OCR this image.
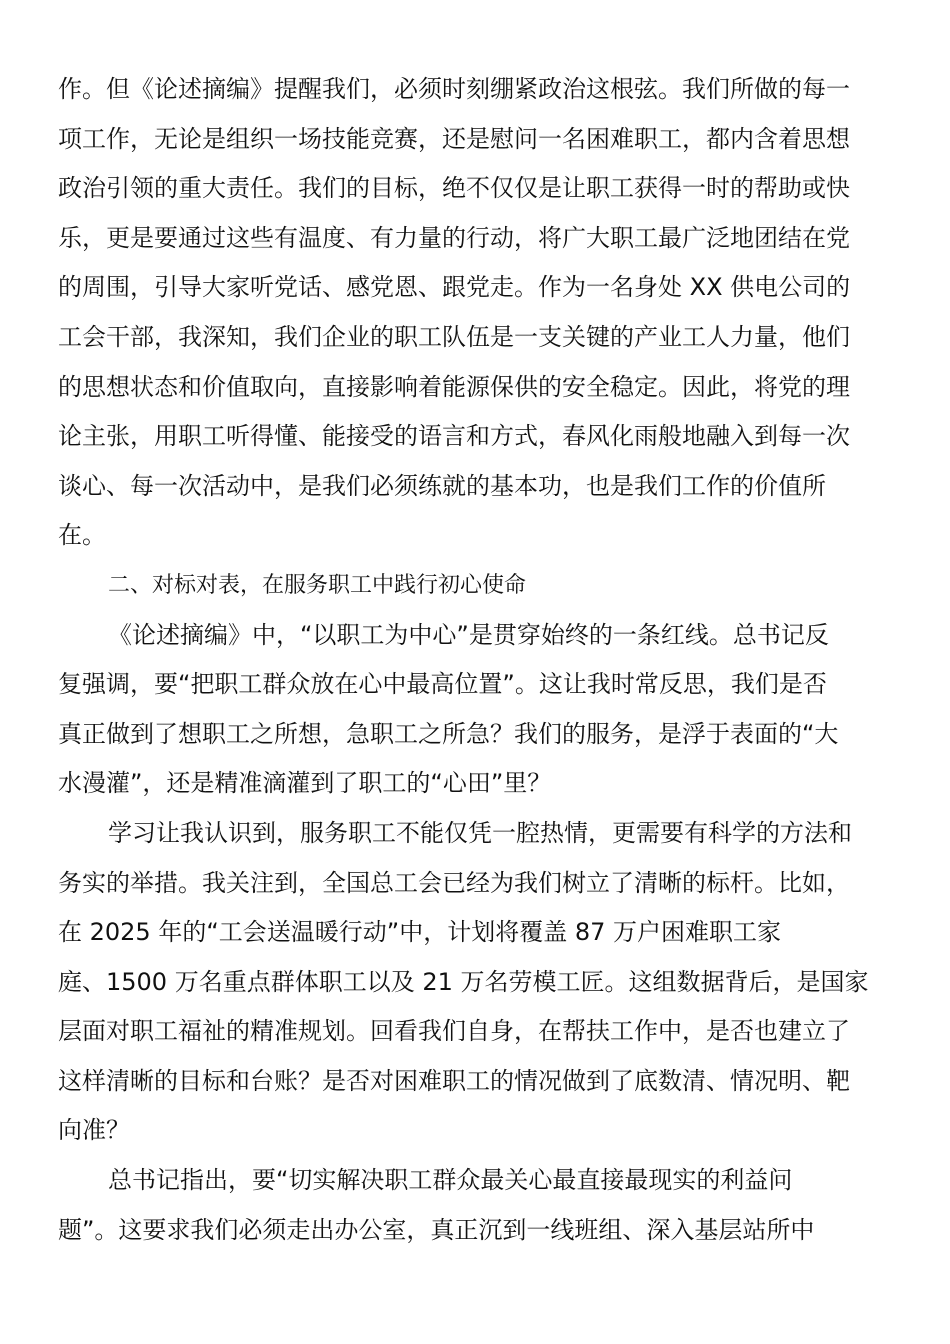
作。但《论述摘编》提醒我们，必须时刻绷紧政治这根弦。我们所做的每一
项工作，无论是组织一场技能竞赛，还是慰问一名困难职工，都内含着思想
政治引领的重大责任。我们的目标，绝不仅仅是让职工获得一时的帮助或快
乐，更是要通过这些有温度、有力量的行动，将广大职工最广泛地团结在党
的周围，引导大家听党话、感党恩、跟党走。作为一名身处 XX 供电公司的
工会干部，我深知，我们企业的职工队伍是一支关键的产业工人力量，他们
的思想状态和价值取向，直接影响着能源保供的安全稳定。因此，将党的理
论主张，用职工听得懂、能接受的语言和方式，春风化雨般地融入到每一次
谈心、每一次活动中，是我们必须练就的基本功，也是我们工作的价值所
在。
二、对标对表，在服务职工中践行初心使命
《论述摘编》中，“以职工为中心”是贯穿始终的一条红线。总书记反
复强调，要“把职工群众放在心中最高位置”。这让我时常反思，我们是否
真正做到了想职工之所想，急职工之所急？我们的服务，是浮于表面的“大
水漫灌”，还是精准滴灌到了职工的“心田”里？
学习让我认识到，服务职工不能仅凭一腔热情，更需要有科学的方法和
务实的举措。我关注到，全国总工会已经为我们树立了清晰的标杆。比如，
在 2025 年的“工会送温暖行动”中，计划将覆盖 87 万户困难职工家
庭、1500 万名重点群体职工以及 21 万名劳模工匠。这组数据背后，是国家
层面对职工福祉的精准规划。回看我们自身，在帮扶工作中，是否也建立了
这样清晰的目标和台账？是否对困难职工的情况做到了底数清、情况明、靶
向准？
总书记指出，要“切实解决职工群众最关心最直接最现实的利益问
题”。这要求我们必须走出办公室，真正沉到一线班组、深入基层站所中
